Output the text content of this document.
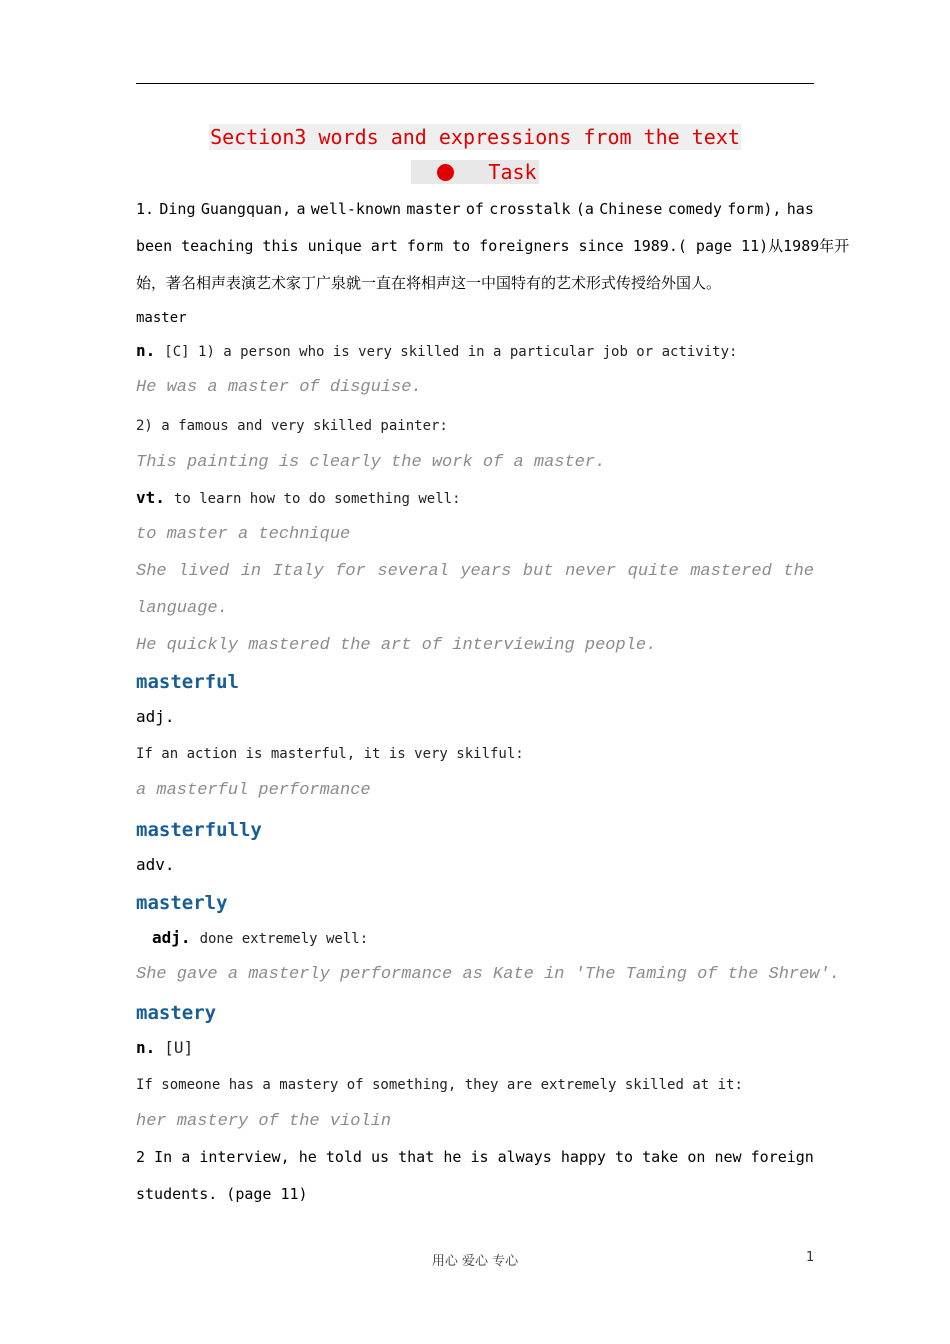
Section3 words and expressions from the text
Task
1. Ding Guangquan, a well-known master of crosstalk (a Chinese comedy form), has
been teaching this unique art form to foreigners since 1989.( page 11)从1989年开
始，著名相声表演艺术家丁广泉就一直在将相声这一中国特有的艺术形式传授给外国人。
master
n. [C] 1) a person who is very skilled in a particular job or activity:
He was a master of disguise.
2) a famous and very skilled painter:
This painting is clearly the work of a master.
vt. to learn how to do something well:
to master a technique
She lived in Italy for several years but never quite mastered the
language.
He quickly mastered the art of interviewing people.
masterful
adj.
If an action is masterful, it is very skilful:
a masterful performance
masterfully
adv.
masterly
adj. done extremely well:
She gave a masterly performance as Kate in 'The Taming of the Shrew'.
mastery
n. [U]
If someone has a mastery of something, they are extremely skilled at it:
her mastery of the violin
2 In a interview, he told us that he is always happy to take on new foreign
students. (page 11)
用心 爱心 专心	1
